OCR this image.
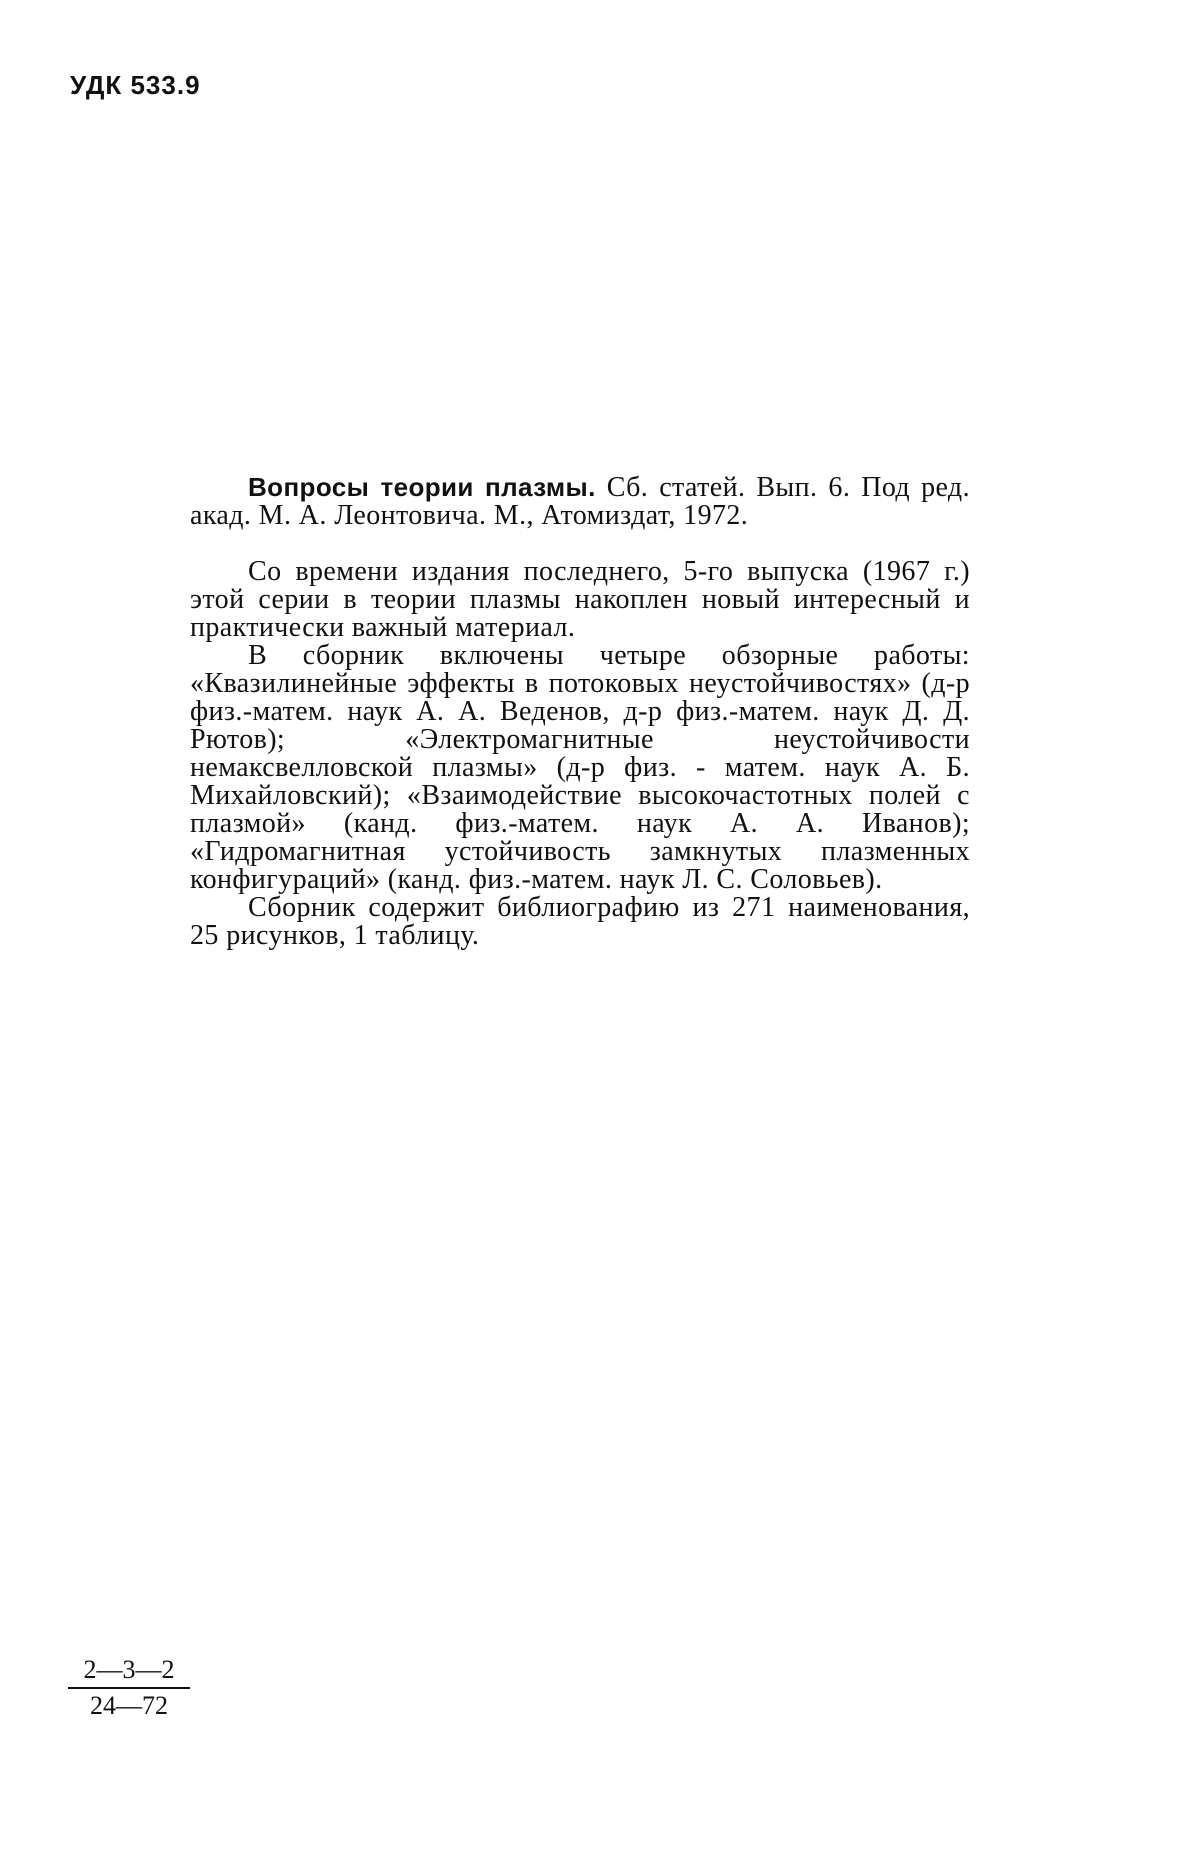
УДК 533.9

Вопросы теории плазмы. Сб. статей. Вып. 6. Под ред. акад. М. А. Леонтовича. М., Атомиздат, 1972.

Со времени издания последнего, 5-го выпуска (1967 г.) этой серии в теории плазмы накоплен новый интересный и практически важный материал.

В сборник включены четыре обзорные работы: «Квазилинейные эффекты в потоковых неустойчивостях» (д-р физ.-матем. наук А. А. Веденов, д-р физ.-матем. наук Д. Д. Рютов); «Электромагнитные неустойчивости немаксвелловской плазмы» (д-р физ. - матем. наук А. Б. Михайловский); «Взаимодействие высокочастотных полей с плазмой» (канд. физ.-матем. наук А. А. Иванов); «Гидромагнитная устойчивость замкнутых плазменных конфигураций» (канд. физ.-матем. наук Л. С. Соловьев).

Сборник содержит библиографию из 271 наименования, 25 рисунков, 1 таблицу.

2—3—2
24—72
